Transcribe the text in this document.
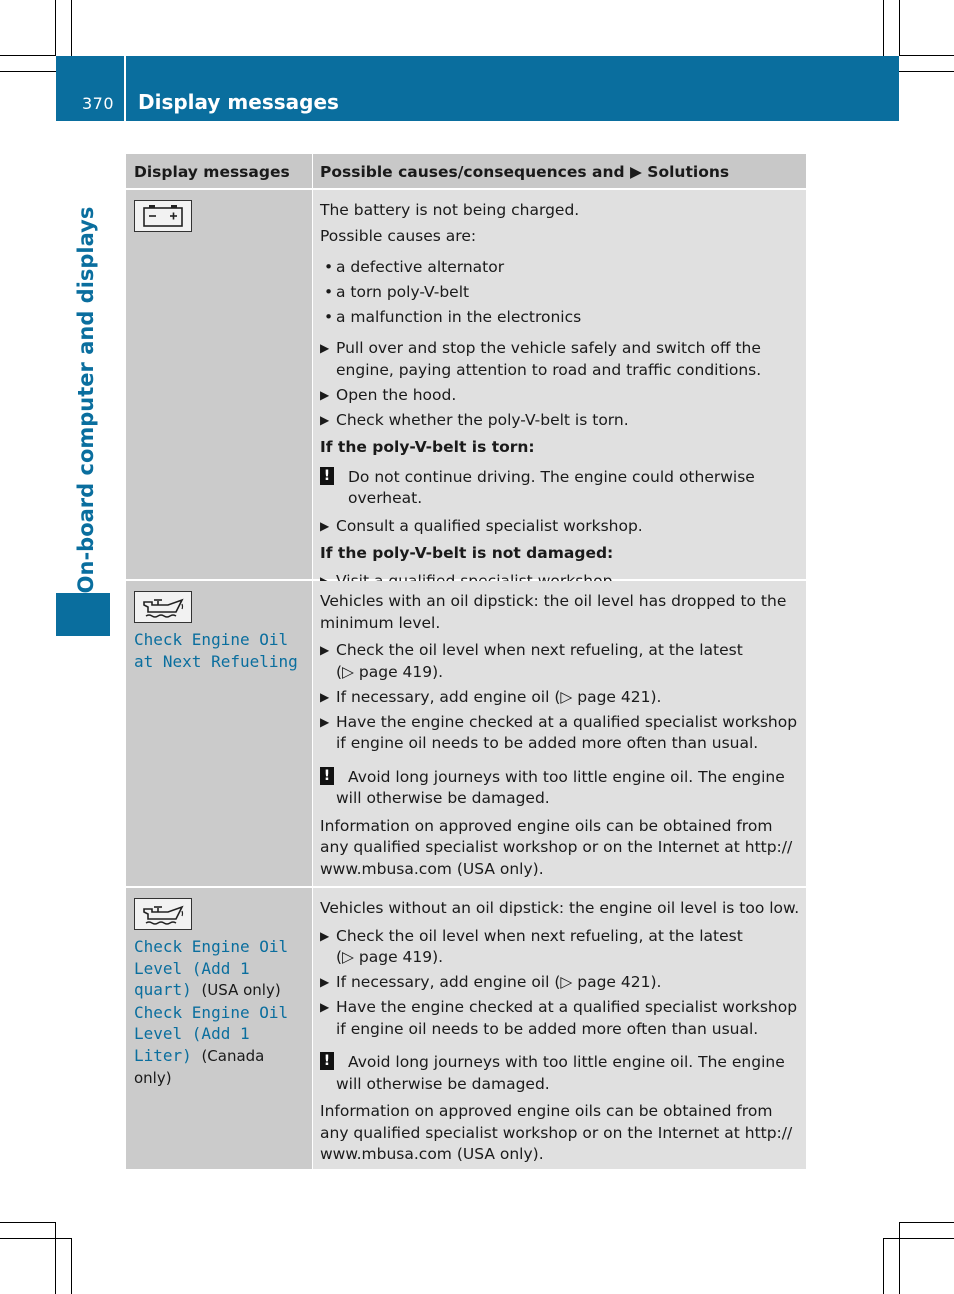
370 Display messages
On-board computer and displays
Display messages Possible causes/consequences and ▶ Solutions
The battery is not being charged.
Possible causes are:
• a defective alternator
• a torn poly-V-belt
• a malfunction in the electronics
▶ Pull over and stop the vehicle safely and switch off the engine, paying attention to road and traffic conditions.
▶ Open the hood.
▶ Check whether the poly-V-belt is torn.
If the poly-V-belt is torn:
! Do not continue driving. The engine could otherwise overheat.
▶ Consult a qualified specialist workshop.
If the poly-V-belt is not damaged:
Check Engine Oil
at Next Refueling
Vehicles with an oil dipstick: the oil level has dropped to the minimum level.
▶ Check the oil level when next refueling, at the latest
(▷ page 419).
▶ If necessary, add engine oil (▷ page 421).
▶ Have the engine checked at a qualified specialist workshop if engine oil needs to be added more often than usual.
! Avoid long journeys with too little engine oil. The engine will otherwise be damaged.
Information on approved engine oils can be obtained from any qualified specialist workshop or on the Internet at http:// www.mbusa.com (USA only).
Check Engine Oil
Level (Add 1
quart) (USA only)
Check Engine Oil
Level (Add 1
Liter) (Canada only)
Vehicles without an oil dipstick: the engine oil level is too low.
▶ Check the oil level when next refueling, at the latest
(▷ page 419).
▶ If necessary, add engine oil (▷ page 421).
▶ Have the engine checked at a qualified specialist workshop if engine oil needs to be added more often than usual.
! Avoid long journeys with too little engine oil. The engine will otherwise be damaged.
Information on approved engine oils can be obtained from any qualified specialist workshop or on the Internet at http:// www.mbusa.com (USA only).
